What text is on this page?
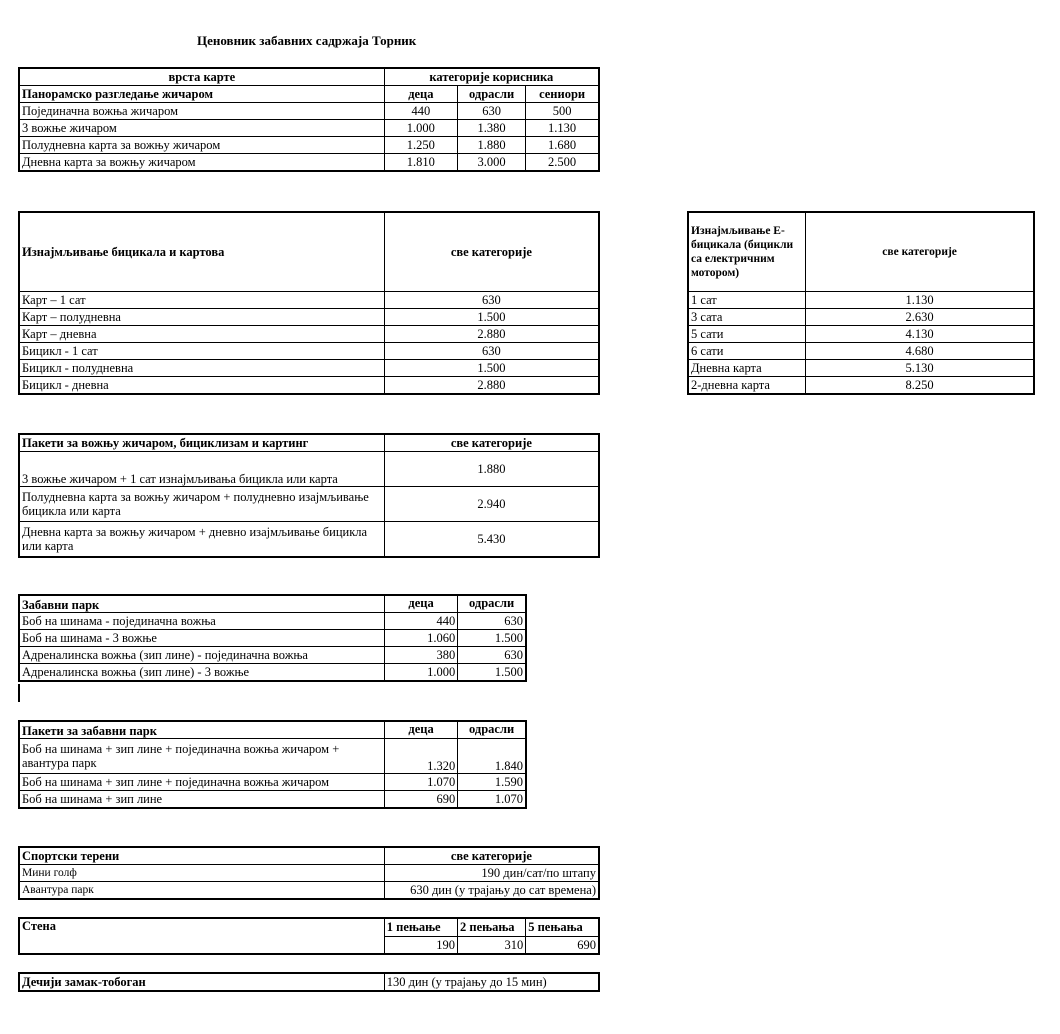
Ценовник забавних садржаја Торник
врста карте	категорије корисника		
Панорамско разгледање жичаром	деца	одрасли	сениори
Појединачна вожња жичаром	440	630	500
3 вожње жичаром	1.000	1.380	1.130
Полудневна карта за вожњу жичаром	1.250	1.880	1.680
Дневна карта за вожњу жичаром	1.810	3.000	2.500
Изнајмљивање бицикала и картова	све категорије
Карт – 1 сат	630
Карт – полудневна	1.500
Карт – дневна	2.880
Бицикл - 1 сат	630
Бицикл - полудневна	1.500
Бицикл - дневна	2.880
Изнајмљивање Е-бицикала (бицикли са електричним мотором)	све категорије
1 сат	1.130
3 сата	2.630
5 сати	4.130
6 сати	4.680
Дневна карта	5.130
2-дневна карта	8.250
Пакети за вожњу жичаром, бициклизам и картинг	све категорије
3 вожње жичаром + 1 сат изнајмљивања бицикла или карта	1.880
Полудневна карта за вожњу жичаром + полудневно изајмљивање бицикла или карта	2.940
Дневна карта за вожњу жичаром + дневно изајмљивање бицикла или карта	5.430
Забавни парк	деца	одрасли
Боб на шинама - појединачна вожња	440	630
Боб на шинама - 3 вожње	1.060	1.500
Адреналинска вожња (зип лине) - појединачна вожња	380	630
Адреналинска вожња (зип лине) - 3 вожње	1.000	1.500
Пакети за забавни парк	деца	одрасли
Боб на шинама + зип лине + појединачна вожња жичаром + авантура парк	1.320	1.840
Боб на шинама + зип лине + појединачна вожња жичаром	1.070	1.590
Боб на шинама + зип лине	690	1.070
Спортски терени	све категорије
Мини голф	190 дин/сат/по штапу
Авантура парк	630 дин (у трајању до сат времена)
Стена	1 пењање	2 пењања	5 пењања
	190	310	690
Дечији замак-тобоган	130 дин (у трајању до 15 мин)
